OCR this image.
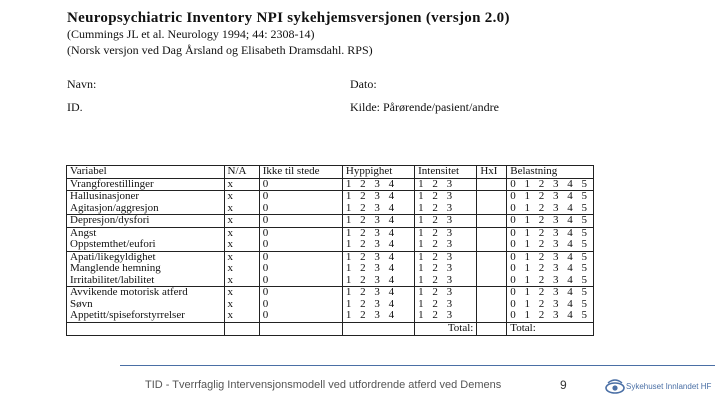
Neuropsychiatric Inventory NPI sykehjemsversjonen (versjon 2.0)
(Cummings JL et al. Neurology 1994; 44: 2308-14)
(Norsk versjon ved Dag Årsland og Elisabeth Dramsdahl. RPS)
Navn:	Dato:
ID.	Kilde: Pårørende/pasient/andre
Variabel	N/A	Ikke til stede	Hyppighet	Intensitet	HxI	Belastning
Vrangforestillinger	x	0	1 2 3 4	1 2 3		0 1 2 3 4 5
Hallusinasjoner	x	0	1 2 3 4	1 2 3		0 1 2 3 4 5
Agitasjon/aggresjon	x	0	1 2 3 4	1 2 3		0 1 2 3 4 5
Depresjon/dysfori	x	0	1 2 3 4	1 2 3		0 1 2 3 4 5
Angst	x	0	1 2 3 4	1 2 3		0 1 2 3 4 5
Oppstemthet/eufori	x	0	1 2 3 4	1 2 3		0 1 2 3 4 5
Apati/likegyldighet	x	0	1 2 3 4	1 2 3		0 1 2 3 4 5
Manglende hemning	x	0	1 2 3 4	1 2 3		0 1 2 3 4 5
Irritabilitet/labilitet	x	0	1 2 3 4	1 2 3		0 1 2 3 4 5
Avvikende motorisk atferd	x	0	1 2 3 4	1 2 3		0 1 2 3 4 5
Søvn	x	0	1 2 3 4	1 2 3		0 1 2 3 4 5
Appetitt/spiseforstyrrelser	x	0	1 2 3 4	1 2 3		0 1 2 3 4 5
				Total:		Total:
TID - Tverrfaglig Intervensjonsmodell ved utfordrende atferd ved Demens	9	Sykehuset Innlandet HF
